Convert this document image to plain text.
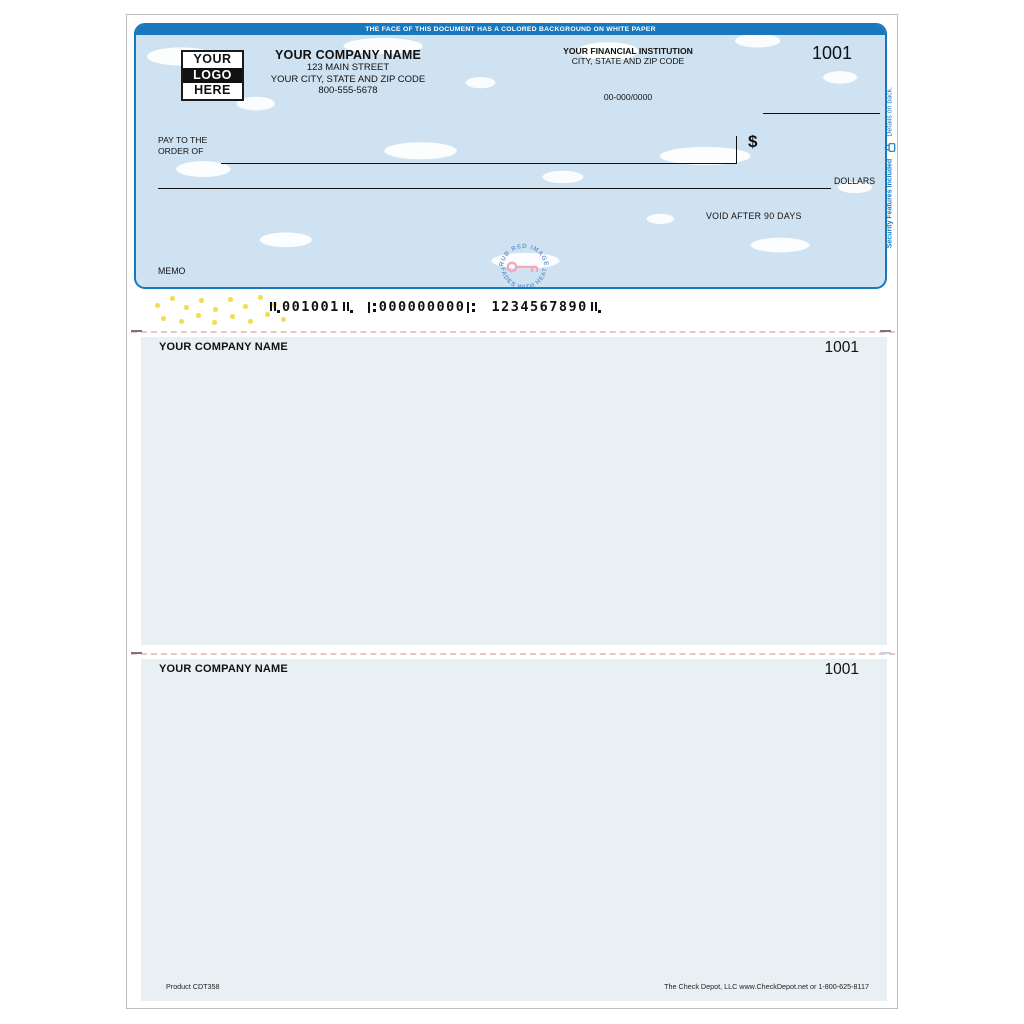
THE FACE OF THIS DOCUMENT HAS A COLORED BACKGROUND ON WHITE PAPER
YOUR
LOGO
HERE
YOUR COMPANY NAME
123 MAIN STREET
YOUR CITY, STATE AND ZIP CODE
800-555-5678
YOUR FINANCIAL INSTITUTION
CITY, STATE AND ZIP CODE
00-000/0000
1001
PAY TO THE
ORDER OF	$
DOLLARS
VOID AFTER 90 DAYS
MEMO
RUB RED IMAGE
FADES WITH HEAT
Security Features Included
Details on back.
001001	000000000 1234567890
YOUR COMPANY NAME	1001
YOUR COMPANY NAME	1001
Product CDT358	The Check Depot, LLC www.CheckDepot.net or 1-800-625-8117
